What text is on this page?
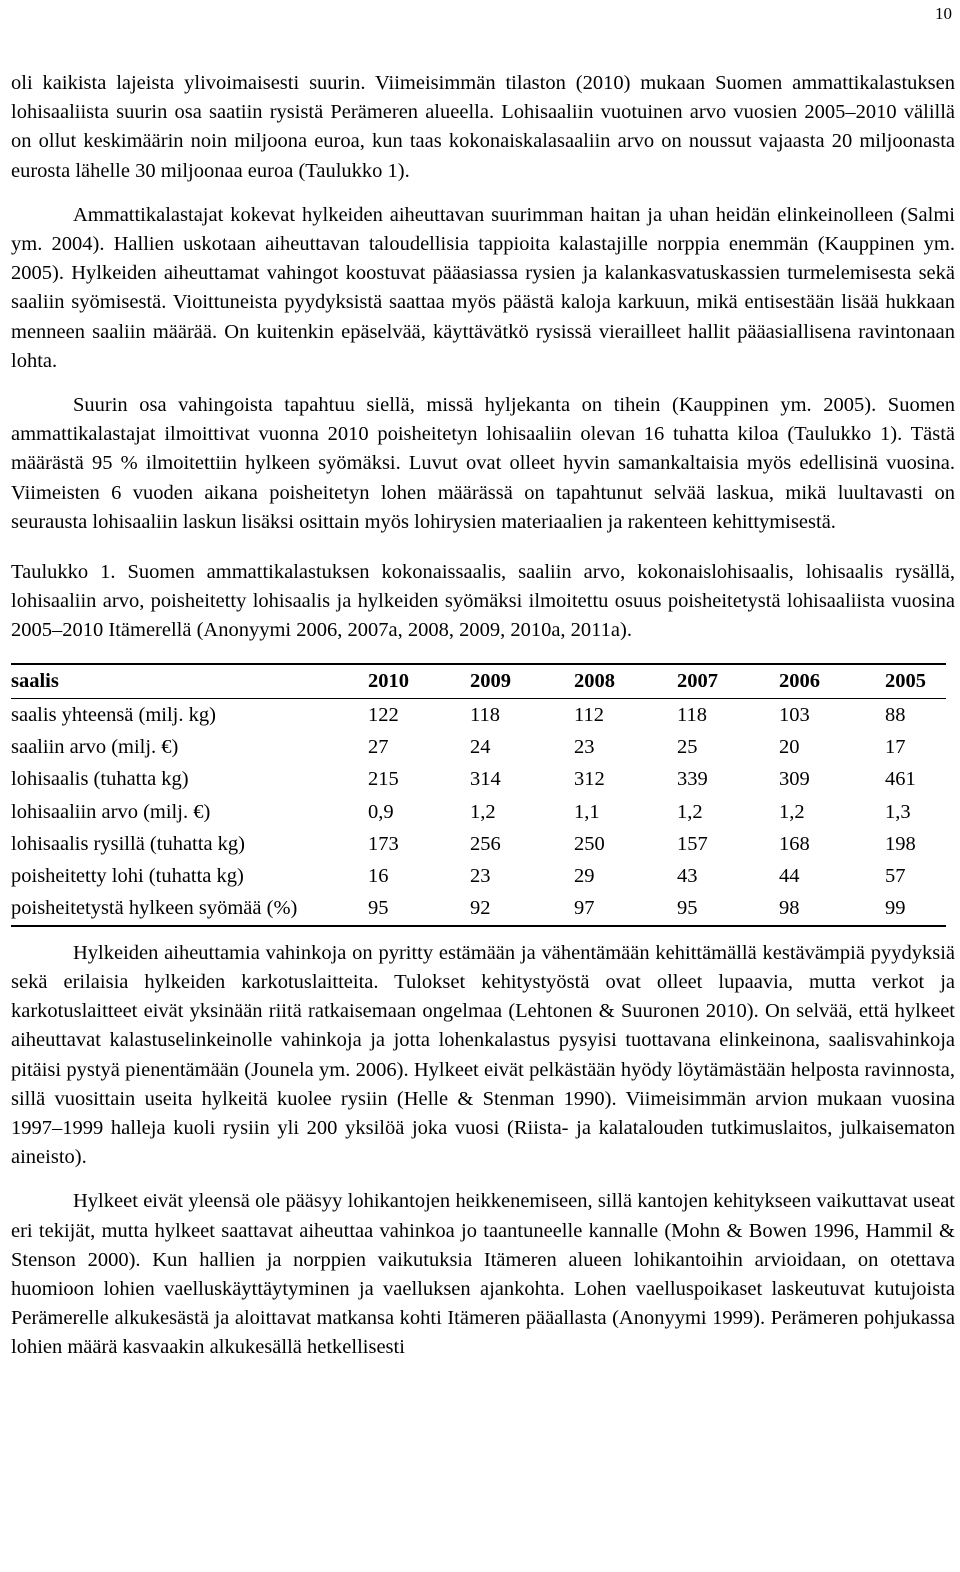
10

oli kaikista lajeista ylivoimaisesti suurin. Viimeisimmän tilaston (2010) mukaan Suomen ammattikalastuksen lohisaaliista suurin osa saatiin rysistä Perämeren alueella. Lohisaaliin vuotuinen arvo vuosien 2005–2010 välillä on ollut keskimäärin noin miljoona euroa, kun taas kokonaiskalasaaliin arvo on noussut vajaasta 20 miljoonasta eurosta lähelle 30 miljoonaa euroa (Taulukko 1).

Ammattikalastajat kokevat hylkeiden aiheuttavan suurimman haitan ja uhan heidän elinkeinolleen (Salmi ym. 2004). Hallien uskotaan aiheuttavan taloudellisia tappioita kalastajille norppia enemmän (Kauppinen ym. 2005). Hylkeiden aiheuttamat vahingot koostuvat pääasiassa rysien ja kalankasvatuskassien turmelemisesta sekä saaliin syömisestä. Vioittuneista pyydyksistä saattaa myös päästä kaloja karkuun, mikä entisestään lisää hukkaan menneen saaliin määrää. On kuitenkin epäselvää, käyttävätkö rysissä vierailleet hallit pääasiallisena ravintonaan lohta.

Suurin osa vahingoista tapahtuu siellä, missä hyljekanta on tihein (Kauppinen ym. 2005). Suomen ammattikalastajat ilmoittivat vuonna 2010 poisheitetyn lohisaaliin olevan 16 tuhatta kiloa (Taulukko 1). Tästä määrästä 95 % ilmoitettiin hylkeen syömäksi. Luvut ovat olleet hyvin samankaltaisia myös edellisinä vuosina. Viimeisten 6 vuoden aikana poisheitetyn lohen määrässä on tapahtunut selvää laskua, mikä luultavasti on seurausta lohisaaliin laskun lisäksi osittain myös lohirysien materiaalien ja rakenteen kehittymisestä.

Taulukko 1. Suomen ammattikalastuksen kokonaissaalis, saaliin arvo, kokonaislohisaalis, lohisaalis rysällä, lohisaaliin arvo, poisheitetty lohisaalis ja hylkeiden syömäksi ilmoitettu osuus poisheitetystä lohisaaliista vuosina 2005–2010 Itämerellä (Anonyymi 2006, 2007a, 2008, 2009, 2010a, 2011a).

saalis	2010	2009	2008	2007	2006	2005
saalis yhteensä (milj. kg)	122	118	112	118	103	88
saaliin arvo (milj. €)	27	24	23	25	20	17
lohisaalis (tuhatta kg)	215	314	312	339	309	461
lohisaaliin arvo (milj. €)	0,9	1,2	1,1	1,2	1,2	1,3
lohisaalis rysillä (tuhatta kg)	173	256	250	157	168	198
poisheitetty lohi (tuhatta kg)	16	23	29	43	44	57
poisheitetystä hylkeen syömää (%)	95	92	97	95	98	99

Hylkeiden aiheuttamia vahinkoja on pyritty estämään ja vähentämään kehittämällä kestävämpiä pyydyksiä sekä erilaisia hylkeiden karkotuslaitteita. Tulokset kehitystyöstä ovat olleet lupaavia, mutta verkot ja karkotuslaitteet eivät yksinään riitä ratkaisemaan ongelmaa (Lehtonen & Suuronen 2010). On selvää, että hylkeet aiheuttavat kalastuselinkeinolle vahinkoja ja jotta lohenkalastus pysyisi tuottavana elinkeinona, saalisvahinkoja pitäisi pystyä pienentämään (Jounela ym. 2006). Hylkeet eivät pelkästään hyödy löytämästään helposta ravinnosta, sillä vuosittain useita hylkeitä kuolee rysiin (Helle & Stenman 1990). Viimeisimmän arvion mukaan vuosina 1997–1999 halleja kuoli rysiin yli 200 yksilöä joka vuosi (Riista- ja kalatalouden tutkimuslaitos, julkaisematon aineisto).

Hylkeet eivät yleensä ole pääsyy lohikantojen heikkenemiseen, sillä kantojen kehitykseen vaikuttavat useat eri tekijät, mutta hylkeet saattavat aiheuttaa vahinkoa jo taantuneelle kannalle (Mohn & Bowen 1996, Hammil & Stenson 2000). Kun hallien ja norppien vaikutuksia Itämeren alueen lohikantoihin arvioidaan, on otettava huomioon lohien vaelluskäyttäytyminen ja vaelluksen ajankohta. Lohen vaelluspoikaset laskeutuvat kutujoista Perämerelle alkukesästä ja aloittavat matkansa kohti Itämeren pääallasta (Anonyymi 1999). Perämeren pohjukassa lohien määrä kasvaakin alkukesällä hetkellisesti
